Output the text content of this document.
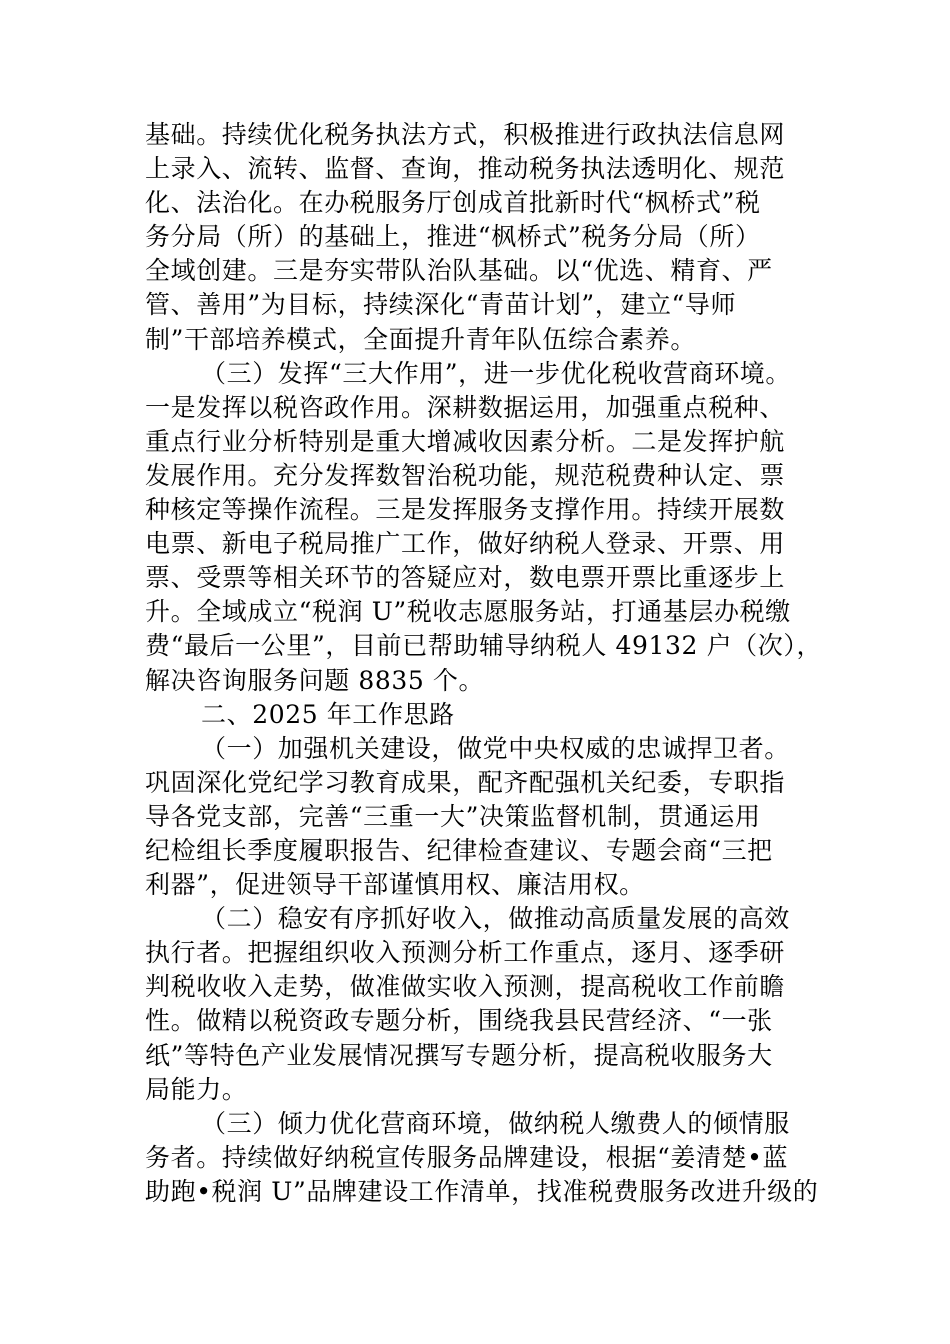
基础。持续优化税务执法方式，积极推进行政执法信息网
上录入、流转、监督、查询，推动税务执法透明化、规范
化、法治化。在办税服务厅创成首批新时代“枫桥式”税
务分局（所）的基础上，推进“枫桥式”税务分局（所）
全域创建。三是夯实带队治队基础。以“优选、精育、严
管、善用”为目标，持续深化“青苗计划”，建立“导师
制”干部培养模式，全面提升青年队伍综合素养。
（三）发挥“三大作用”，进一步优化税收营商环境。
一是发挥以税咨政作用。深耕数据运用，加强重点税种、
重点行业分析特别是重大增减收因素分析。二是发挥护航
发展作用。充分发挥数智治税功能，规范税费种认定、票
种核定等操作流程。三是发挥服务支撑作用。持续开展数
电票、新电子税局推广工作，做好纳税人登录、开票、用
票、受票等相关环节的答疑应对，数电票开票比重逐步上
升。全域成立“税润 U”税收志愿服务站，打通基层办税缴
费“最后一公里”，目前已帮助辅导纳税人 49132 户（次），
解决咨询服务问题 8835 个。
二、2025 年工作思路
（一）加强机关建设，做党中央权威的忠诚捍卫者。
巩固深化党纪学习教育成果，配齐配强机关纪委，专职指
导各党支部，完善“三重一大”决策监督机制，贯通运用
纪检组长季度履职报告、纪律检查建议、专题会商“三把
利器”，促进领导干部谨慎用权、廉洁用权。
（二）稳安有序抓好收入，做推动高质量发展的高效
执行者。把握组织收入预测分析工作重点，逐月、逐季研
判税收收入走势，做准做实收入预测，提高税收工作前瞻
性。做精以税资政专题分析，围绕我县民营经济、“一张
纸”等特色产业发展情况撰写专题分析，提高税收服务大
局能力。
（三）倾力优化营商环境，做纳税人缴费人的倾情服
务者。持续做好纳税宣传服务品牌建设，根据“姜清楚•蓝
助跑•税润 U”品牌建设工作清单，找准税费服务改进升级的
